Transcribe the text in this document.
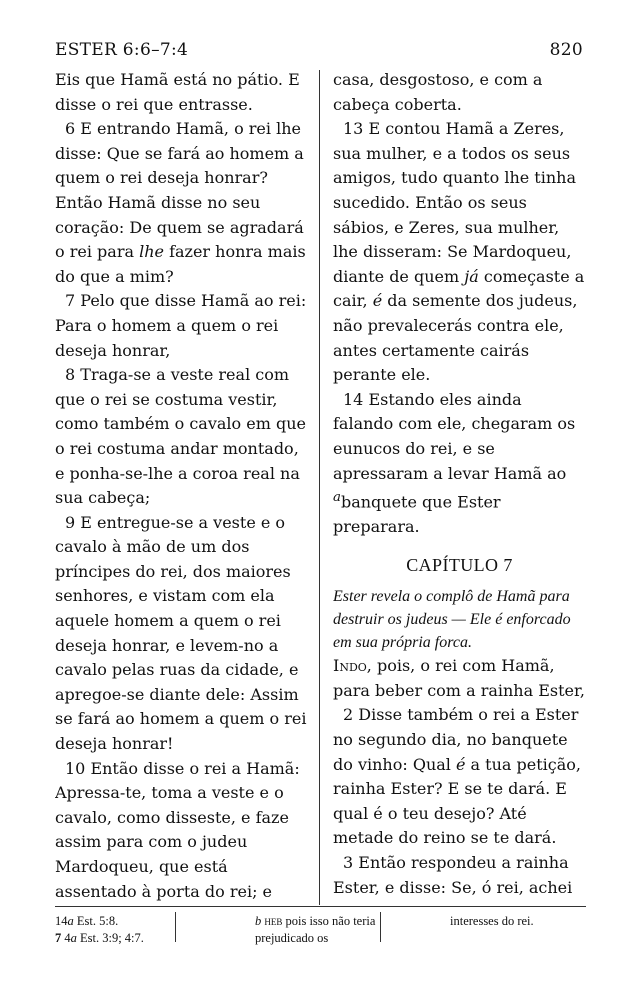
ESTER 6:6–7:4	820

Eis que Hamã está no pátio. E disse o rei que entrasse.

6 E entrando Hamã, o rei lhe disse: Que se fará ao homem a quem o rei deseja honrar? Então Hamã disse no seu coração: De quem se agradará o rei para lhe fazer honra mais do que a mim?

7 Pelo que disse Hamã ao rei: Para o homem a quem o rei deseja honrar,

8 Traga-se a veste real com que o rei se costuma vestir, como também o cavalo em que o rei costuma andar montado, e ponha-se-lhe a coroa real na sua cabeça;

9 E entregue-se a veste e o cavalo à mão de um dos príncipes do rei, dos maiores senhores, e vistam com ela aquele homem a quem o rei deseja honrar, e levem-no a cavalo pelas ruas da cidade, e apregoe-se diante dele: Assim se fará ao homem a quem o rei deseja honrar!

10 Então disse o rei a Hamã: Apressa-te, toma a veste e o cavalo, como disseste, e faze assim para com o judeu Mardoqueu, que está assentado à porta do rei; e

casa, desgostoso, e com a cabeça coberta.

13 E contou Hamã a Zeres, sua mulher, e a todos os seus amigos, tudo quanto lhe tinha sucedido. Então os seus sábios, e Zeres, sua mulher, lhe disseram: Se Mardoqueu, diante de quem já começaste a cair, é da semente dos judeus, não prevalecerás contra ele, antes certamente cairás perante ele.

14 Estando eles ainda falando com ele, chegaram os eunucos do rei, e se apressaram a levar Hamã ao $^a$banquete que Ester preparara.

CAPÍTULO 7

Ester revela o complô de Hamã para destruir os judeus — Ele é enforcado em sua própria forca.

Indo, pois, o rei com Hamã, para beber com a rainha Ester,

2 Disse também o rei a Ester no segundo dia, no banquete do vinho: Qual é a tua petição, rainha Ester? E se te dará. E qual é o teu desejo? Até metade do reino se te dará.

3 Então respondeu a rainha Ester, e disse: Se, ó rei, achei

14a Est. 5:8.
7 4a Est. 3:9; 4:7.
b heb pois isso não teria prejudicado os
interesses do rei.
